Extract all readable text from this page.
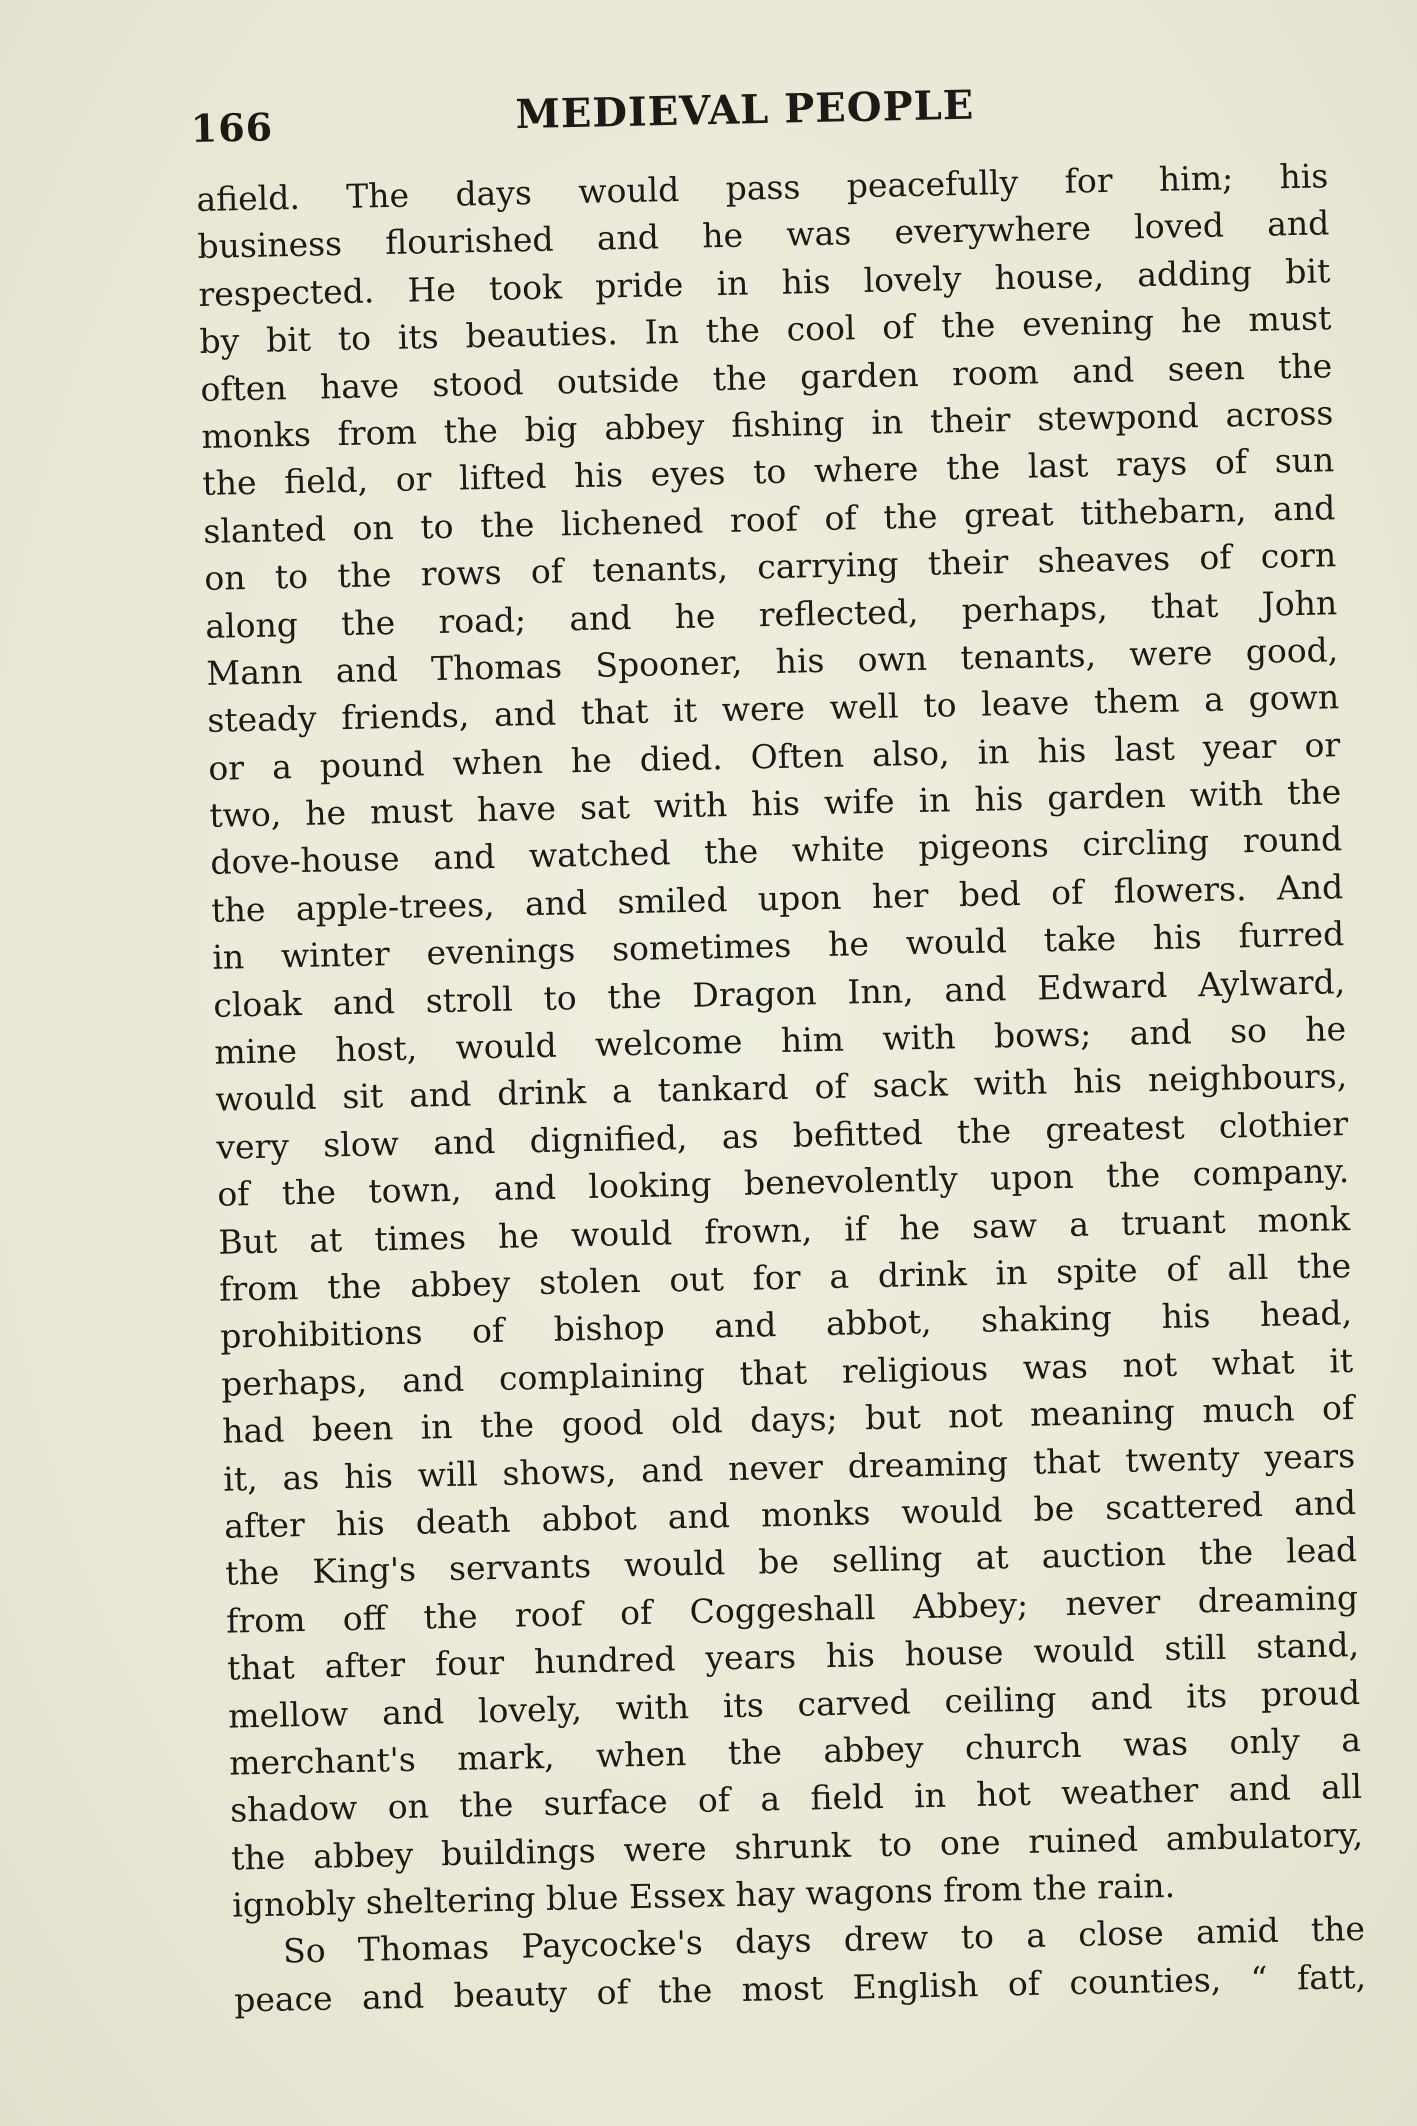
166	MEDIEVAL PEOPLE
afield. The days would pass peacefully for him; his
business flourished and he was everywhere loved and
respected. He took pride in his lovely house, adding bit
by bit to its beauties. In the cool of the evening he must
often have stood outside the garden room and seen the
monks from the big abbey fishing in their stewpond across
the field, or lifted his eyes to where the last rays of sun
slanted on to the lichened roof of the great tithebarn, and
on to the rows of tenants, carrying their sheaves of corn
along the road; and he reflected, perhaps, that John
Mann and Thomas Spooner, his own tenants, were good,
steady friends, and that it were well to leave them a gown
or a pound when he died. Often also, in his last year or
two, he must have sat with his wife in his garden with the
dove-house and watched the white pigeons circling round
the apple-trees, and smiled upon her bed of flowers. And
in winter evenings sometimes he would take his furred
cloak and stroll to the Dragon Inn, and Edward Aylward,
mine host, would welcome him with bows; and so he
would sit and drink a tankard of sack with his neighbours,
very slow and dignified, as befitted the greatest clothier
of the town, and looking benevolently upon the company.
But at times he would frown, if he saw a truant monk
from the abbey stolen out for a drink in spite of all the
prohibitions of bishop and abbot, shaking his head,
perhaps, and complaining that religious was not what it
had been in the good old days; but not meaning much of
it, as his will shows, and never dreaming that twenty years
after his death abbot and monks would be scattered and
the King's servants would be selling at auction the lead
from off the roof of Coggeshall Abbey; never dreaming
that after four hundred years his house would still stand,
mellow and lovely, with its carved ceiling and its proud
merchant's mark, when the abbey church was only a
shadow on the surface of a field in hot weather and all
the abbey buildings were shrunk to one ruined ambulatory,
ignobly sheltering blue Essex hay wagons from the rain.
So Thomas Paycocke's days drew to a close amid the
peace and beauty of the most English of counties, “ fatt,
